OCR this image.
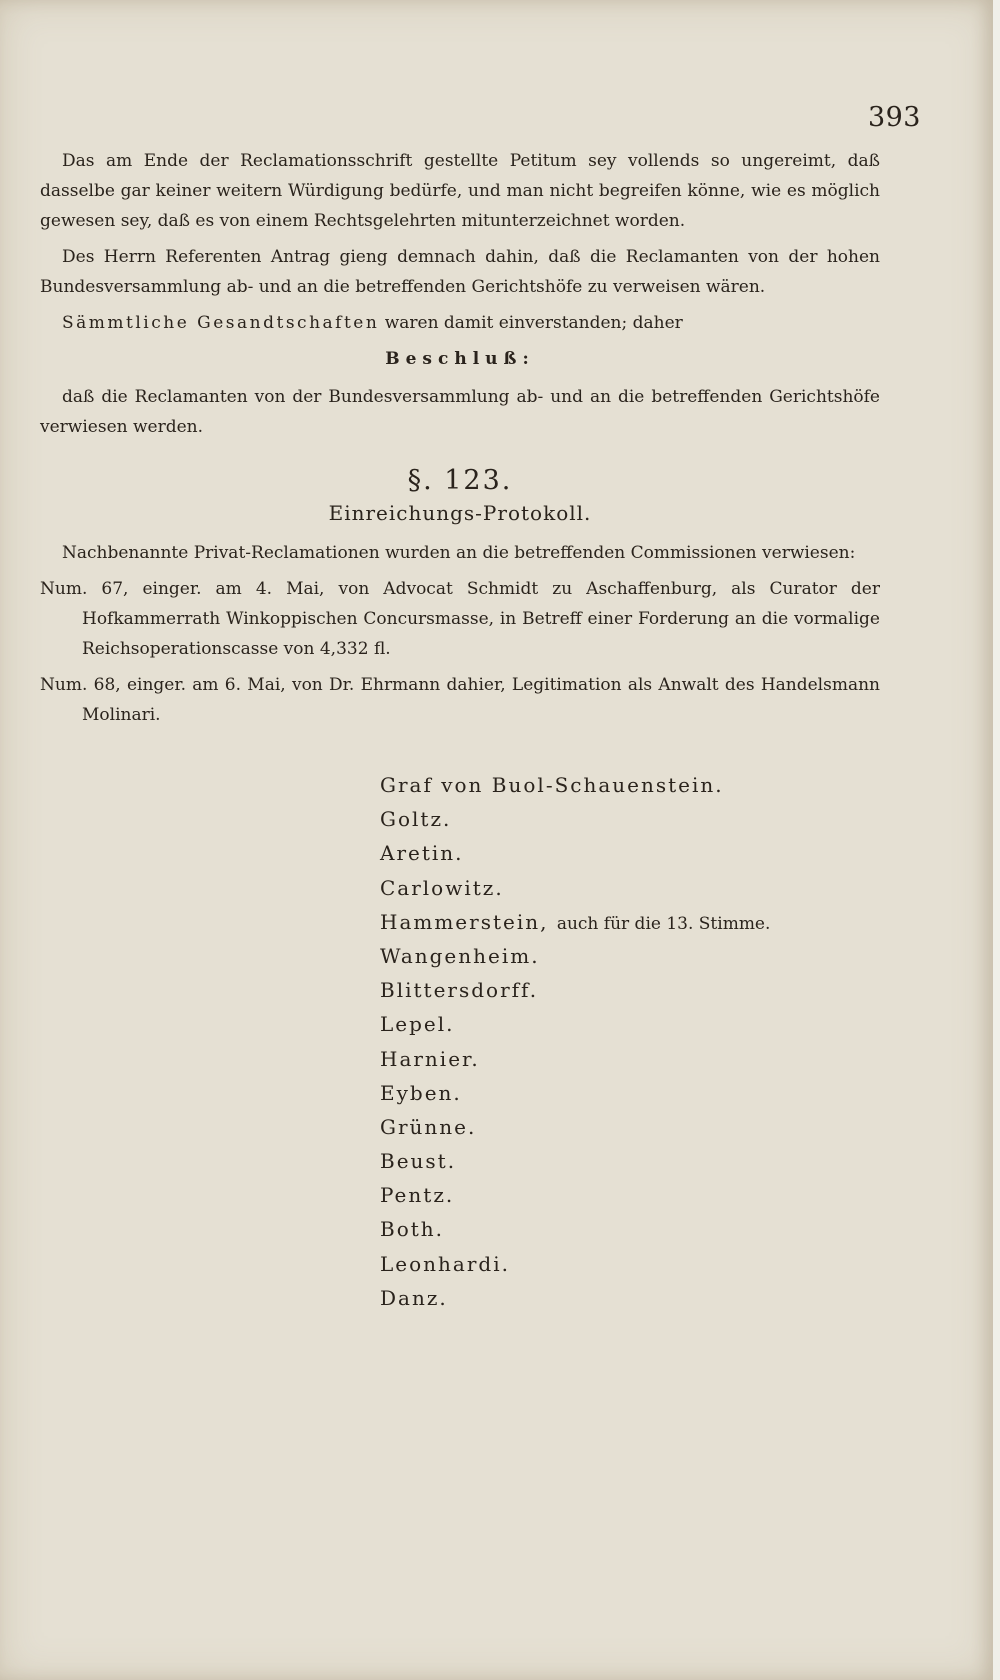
393

Das am Ende der Reclamationsschrift gestellte Petitum sey vollends so ungereimt, daß dasselbe gar keiner weitern Würdigung bedürfe, und man nicht begreifen könne, wie es möglich gewesen sey, daß es von einem Rechtsgelehrten mitunterzeichnet worden.

Des Herrn Referenten Antrag gieng demnach dahin, daß die Reclamanten von der hohen Bundesversammlung ab- und an die betreffenden Gerichtshöfe zu verweisen wären.

Sämmtliche Gesandtschaften waren damit einverstanden; daher

Beschluß:

daß die Reclamanten von der Bundesversammlung ab- und an die betreffenden Gerichtshöfe verwiesen werden.

§. 123.
Einreichungs-Protokoll.

Nachbenannte Privat-Reclamationen wurden an die betreffenden Commissionen verwiesen:

Num. 67, einger. am 4. Mai, von Advocat Schmidt zu Aschaffenburg, als Curator der Hofkammerrath Winkoppischen Concursmasse, in Betreff einer Forderung an die vormalige Reichsoperationscasse von 4,332 fl.

Num. 68, einger. am 6. Mai, von Dr. Ehrmann dahier, Legitimation als Anwalt des Handelsmann Molinari.

Graf von Buol-Schauenstein.
Goltz.
Aretin.
Carlowitz.
Hammerstein, auch für die 13. Stimme.
Wangenheim.
Blittersdorff.
Lepel.
Harnier.
Eyben.
Grünne.
Beust.
Pentz.
Both.
Leonhardi.
Danz.
